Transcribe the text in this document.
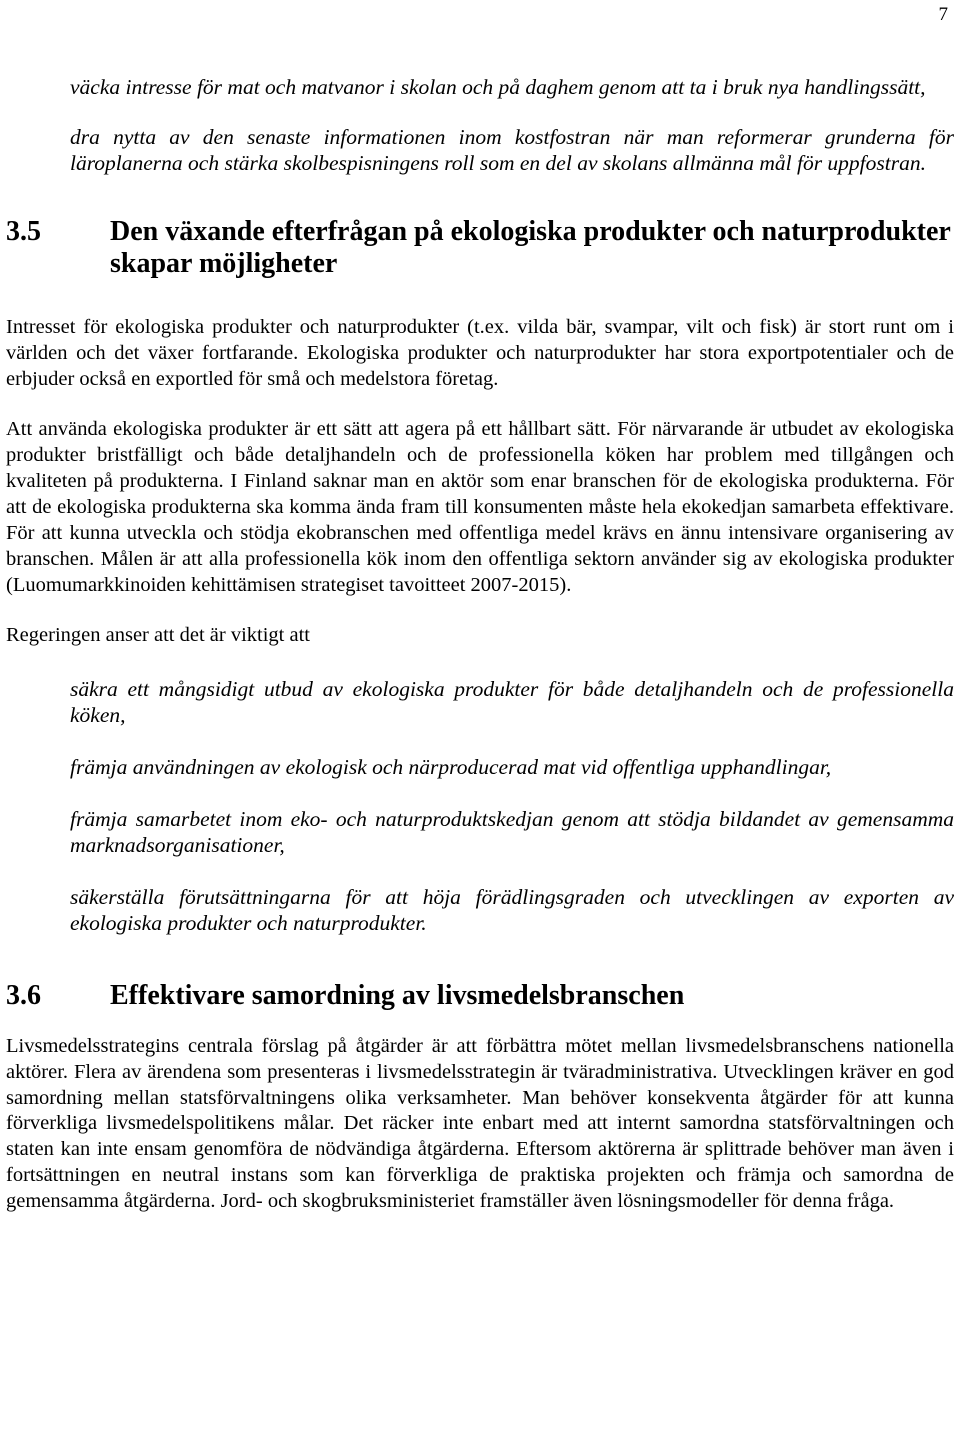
7

väcka intresse för mat och matvanor i skolan och på daghem genom att ta i bruk nya handlingssätt,

dra nytta av den senaste informationen inom kostfostran när man reformerar grunderna för läroplanerna och stärka skolbespisningens roll som en del av skolans allmänna mål för uppfostran.

3.5 Den växande efterfrågan på ekologiska produkter och naturprodukter skapar möjligheter

Intresset för ekologiska produkter och naturprodukter (t.ex. vilda bär, svampar, vilt och fisk) är stort runt om i världen och det växer fortfarande. Ekologiska produkter och naturprodukter har stora exportpotentialer och de erbjuder också en exportled för små och medelstora företag.

Att använda ekologiska produkter är ett sätt att agera på ett hållbart sätt. För närvarande är utbudet av ekologiska produkter bristfälligt och både detaljhandeln och de professionella köken har problem med tillgången och kvaliteten på produkterna. I Finland saknar man en aktör som enar branschen för de ekologiska produkterna. För att de ekologiska produkterna ska komma ända fram till konsumenten måste hela ekokedjan samarbeta effektivare. För att kunna utveckla och stödja ekobranschen med offentliga medel krävs en ännu intensivare organisering av branschen. Målen är att alla professionella kök inom den offentliga sektorn använder sig av ekologiska produkter (Luomumarkkinoiden kehittämisen strategiset tavoitteet 2007-2015).

Regeringen anser att det är viktigt att

säkra ett mångsidigt utbud av ekologiska produkter för både detaljhandeln och de professionella köken,

främja användningen av ekologisk och närproducerad mat vid offentliga upphandlingar,

främja samarbetet inom eko- och naturproduktskedjan genom att stödja bildandet av gemensamma marknadsorganisationer,

säkerställa förutsättningarna för att höja förädlingsgraden och utvecklingen av exporten av ekologiska produkter och naturprodukter.

3.6 Effektivare samordning av livsmedelsbranschen

Livsmedelsstrategins centrala förslag på åtgärder är att förbättra mötet mellan livsmedelsbranschens nationella aktörer. Flera av ärendena som presenteras i livsmedelsstrategin är tväradministrativa. Utvecklingen kräver en god samordning mellan statsförvaltningens olika verksamheter. Man behöver konsekventa åtgärder för att kunna förverkliga livsmedelspolitikens målar. Det räcker inte enbart med att internt samordna statsförvaltningen och staten kan inte ensam genomföra de nödvändiga åtgärderna. Eftersom aktörerna är splittrade behöver man även i fortsättningen en neutral instans som kan förverkliga de praktiska projekten och främja och samordna de gemensamma åtgärderna. Jord- och skogbruksministeriet framställer även lösningsmodeller för denna fråga.
